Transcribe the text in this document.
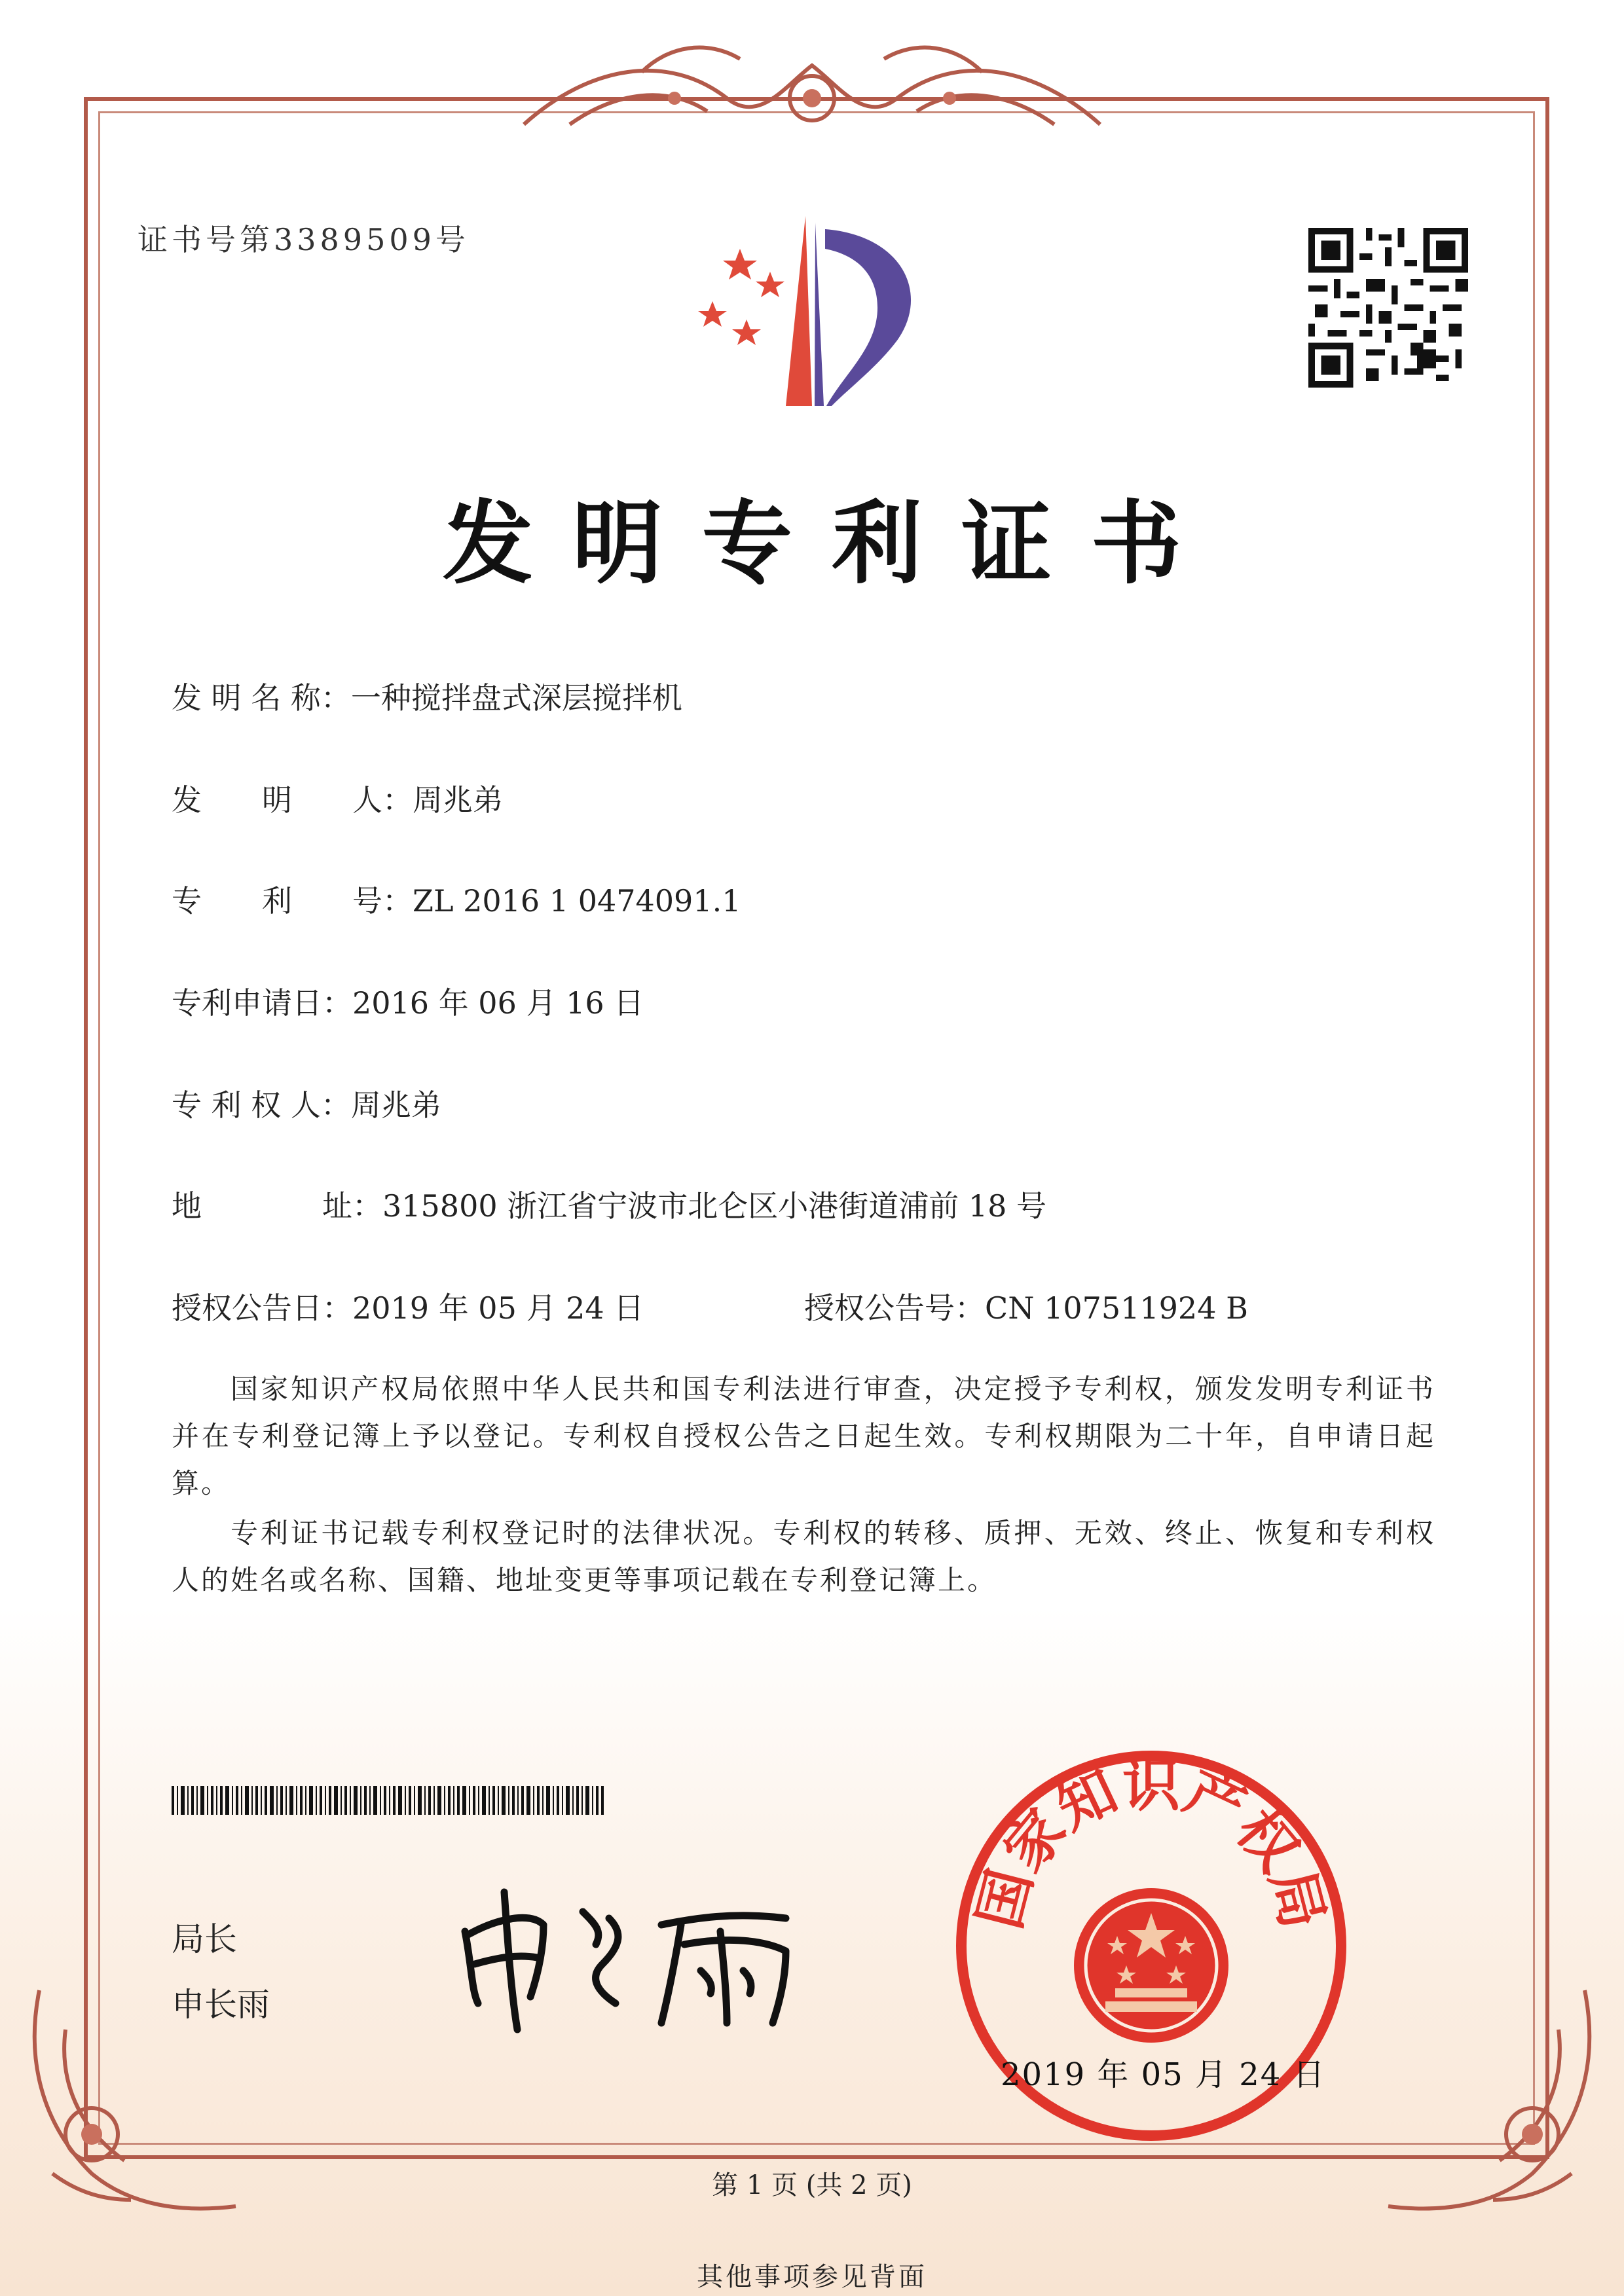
证书号第3389509号
发明专利证书
发 明 名 称：一种搅拌盘式深层搅拌机
发　　明　　人：周兆弟
专　　利　　号：ZL 2016 1 0474091.1
专利申请日：2016 年 06 月 16 日
专 利 权 人：周兆弟
地　　　　址：315800 浙江省宁波市北仑区小港街道浦前 18 号
授权公告日：2019 年 05 月 24 日	授权公告号：CN 107511924 B
国家知识产权局依照中华人民共和国专利法进行审查，决定授予专利权，颁发发明专利证书并在专利登记簿上予以登记。专利权自授权公告之日起生效。专利权期限为二十年，自申请日起算。
专利证书记载专利权登记时的法律状况。专利权的转移、质押、无效、终止、恢复和专利权人的姓名或名称、国籍、地址变更等事项记载在专利登记簿上。
局长
申长雨
国家知识产权局
2019 年 05 月 24 日
第 1 页 (共 2 页)
其他事项参见背面
